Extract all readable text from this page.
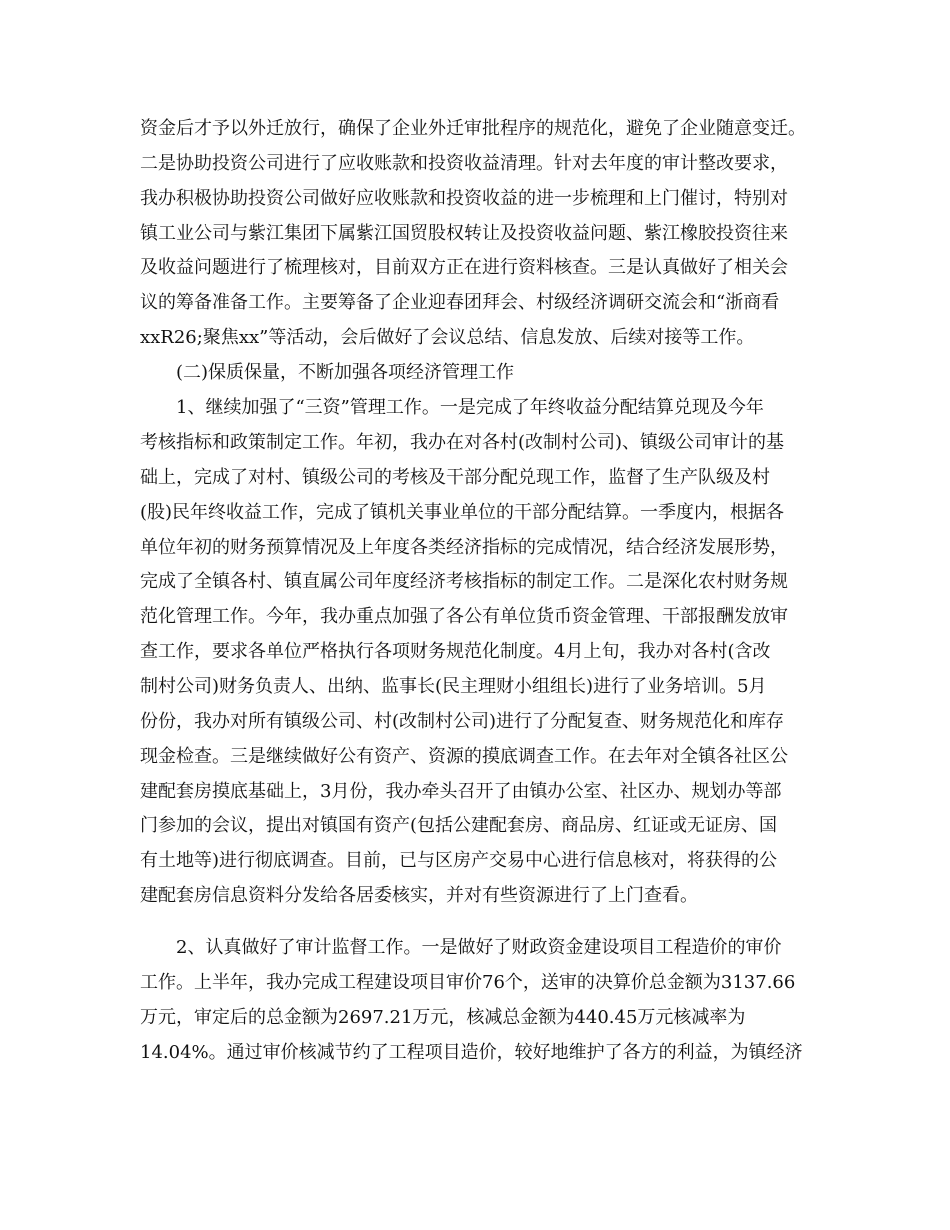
资金后才予以外迁放行，确保了企业外迁审批程序的规范化，避免了企业随意变迁。
二是协助投资公司进行了应收账款和投资收益清理。针对去年度的审计整改要求，
我办积极协助投资公司做好应收账款和投资收益的进一步梳理和上门催讨，特别对
镇工业公司与紫江集团下属紫江国贸股权转让及投资收益问题、紫江橡胶投资往来
及收益问题进行了梳理核对，目前双方正在进行资料核查。三是认真做好了相关会
议的筹备准备工作。主要筹备了企业迎春团拜会、村级经济调研交流会和“浙商看
xxR26;聚焦xx”等活动，会后做好了会议总结、信息发放、后续对接等工作。
(二)保质保量，不断加强各项经济管理工作
1、继续加强了“三资”管理工作。一是完成了年终收益分配结算兑现及今年
考核指标和政策制定工作。年初，我办在对各村(改制村公司)、镇级公司审计的基
础上，完成了对村、镇级公司的考核及干部分配兑现工作，监督了生产队级及村
(股)民年终收益工作，完成了镇机关事业单位的干部分配结算。一季度内，根据各
单位年初的财务预算情况及上年度各类经济指标的完成情况，结合经济发展形势，
完成了全镇各村、镇直属公司年度经济考核指标的制定工作。二是深化农村财务规
范化管理工作。今年，我办重点加强了各公有单位货币资金管理、干部报酬发放审
查工作，要求各单位严格执行各项财务规范化制度。4月上旬，我办对各村(含改
制村公司)财务负责人、出纳、监事长(民主理财小组组长)进行了业务培训。5月
份份，我办对所有镇级公司、村(改制村公司)进行了分配复查、财务规范化和库存
现金检查。三是继续做好公有资产、资源的摸底调查工作。在去年对全镇各社区公
建配套房摸底基础上，3月份，我办牵头召开了由镇办公室、社区办、规划办等部
门参加的会议，提出对镇国有资产(包括公建配套房、商品房、红证或无证房、国
有土地等)进行彻底调查。目前，已与区房产交易中心进行信息核对，将获得的公
建配套房信息资料分发给各居委核实，并对有些资源进行了上门查看。
2、认真做好了审计监督工作。一是做好了财政资金建设项目工程造价的审价
工作。上半年，我办完成工程建设项目审价76个，送审的决算价总金额为3137.66
万元，审定后的总金额为2697.21万元，核减总金额为440.45万元核减率为
14.04%。通过审价核减节约了工程项目造价，较好地维护了各方的利益，为镇经济
